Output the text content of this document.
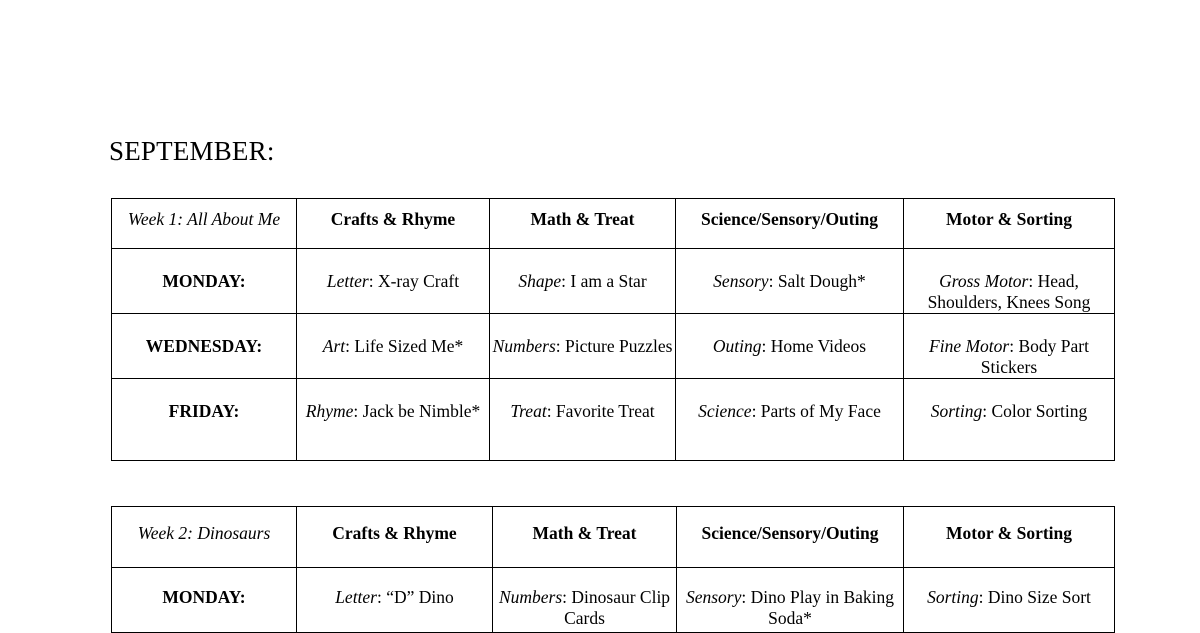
SEPTEMBER:
Week 1: All About Me	Crafts & Rhyme	Math & Treat	Science/Sensory/Outing	Motor & Sorting
MONDAY:	Letter: X-ray Craft	Shape: I am a Star	Sensory: Salt Dough*	Gross Motor: Head, Shoulders, Knees Song
WEDNESDAY:	Art: Life Sized Me*	Numbers: Picture Puzzles	Outing: Home Videos	Fine Motor: Body Part Stickers
FRIDAY:	Rhyme: Jack be Nimble*	Treat: Favorite Treat	Science: Parts of My Face	Sorting: Color Sorting
Week 2: Dinosaurs	Crafts & Rhyme	Math & Treat	Science/Sensory/Outing	Motor & Sorting
MONDAY:	Letter: “D” Dino	Numbers: Dinosaur Clip Cards	Sensory: Dino Play in Baking Soda*	Sorting: Dino Size Sort
